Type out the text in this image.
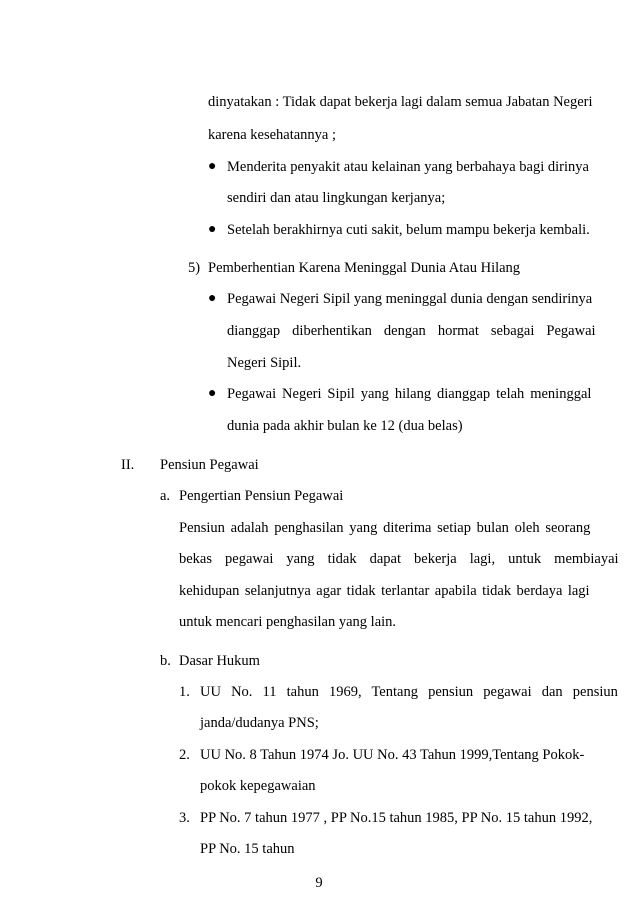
dinyatakan : Tidak dapat bekerja lagi dalam semua Jabatan Negeri
karena kesehatannya ;
● Menderita penyakit atau kelainan yang berbahaya bagi dirinya
sendiri dan atau lingkungan kerjanya;
● Setelah berakhirnya cuti sakit, belum mampu bekerja kembali.
5) Pemberhentian Karena Meninggal Dunia Atau Hilang
● Pegawai Negeri Sipil yang meninggal dunia dengan sendirinya
dianggap diberhentikan dengan hormat sebagai Pegawai
Negeri Sipil.
● Pegawai Negeri Sipil yang hilang dianggap telah meninggal
dunia pada akhir bulan ke 12 (dua belas)
II. Pensiun Pegawai
a. Pengertian Pensiun Pegawai
Pensiun adalah penghasilan yang diterima setiap bulan oleh seorang
bekas pegawai yang tidak dapat bekerja lagi, untuk membiayai
kehidupan selanjutnya agar tidak terlantar apabila tidak berdaya lagi
untuk mencari penghasilan yang lain.
b. Dasar Hukum
1. UU No. 11 tahun 1969, Tentang pensiun pegawai dan pensiun
janda/dudanya PNS;
2. UU No. 8 Tahun 1974 Jo. UU No. 43 Tahun 1999,Tentang Pokok-
pokok kepegawaian
3. PP No. 7 tahun 1977 , PP No.15 tahun 1985, PP No. 15 tahun 1992,
PP No. 15 tahun
9
